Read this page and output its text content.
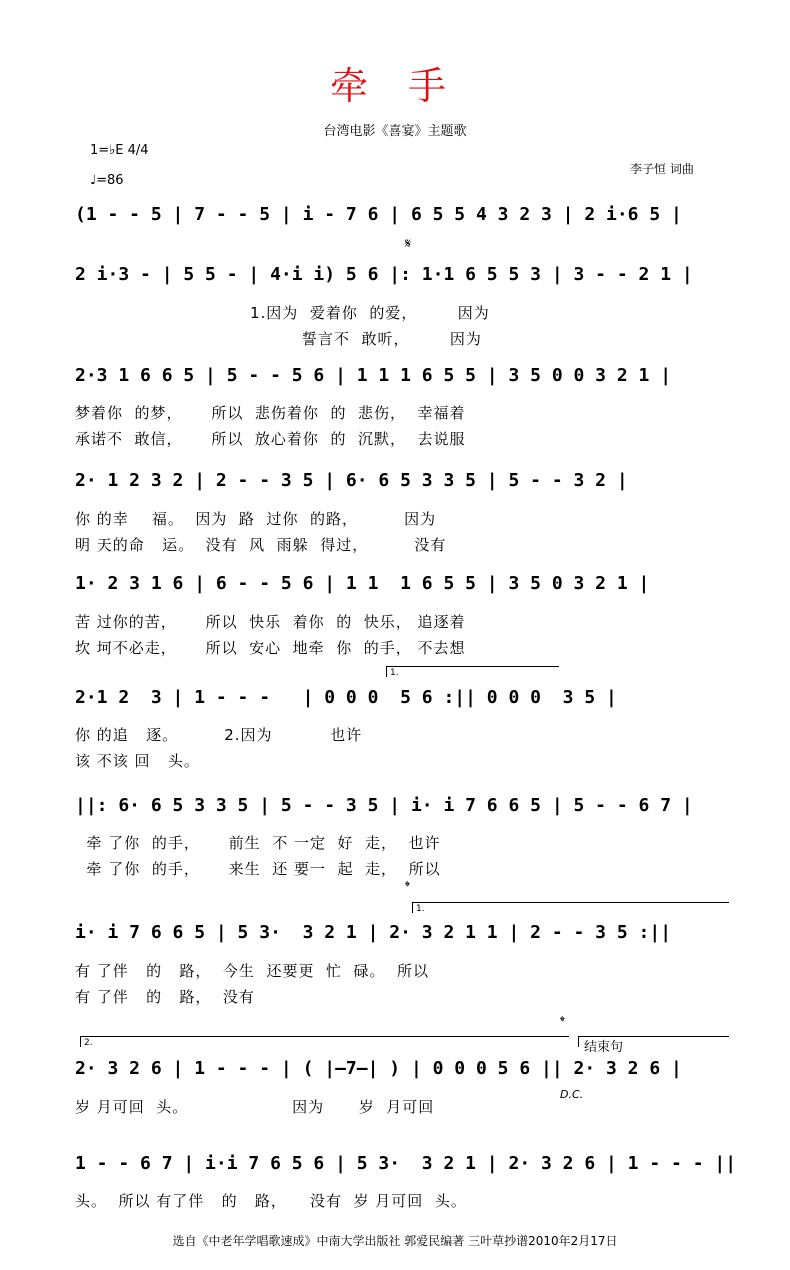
牵 手
台湾电影《喜宴》主题歌
1=♭E 4/4
♩=86
李子恒 词曲
(1 - - 5 | 7 - - 5 | i - 7 6 | 6 5 5 4 3 2 3 | 2 i·6 5 |
𝄋
2 i·3 - | 5 5 - | 4·i i) 5 6 |: 1·1 6 5 5 3 | 3 - - 2 1 |
1.因为  爱着你  的爱，       因为
誓言不  敢听，       因为
2·3 1 6 6 5 | 5 - - 5 6 | 1 1 1 6 5 5 | 3 5 0 0 3 2 1 |
梦着你  的梦，     所以  悲伤着你  的  悲伤，  幸福着
承诺不  敢信，     所以  放心着你  的  沉默，  去说服
2· 1 2 3 2 | 2 - - 3 5 | 6· 6 5 3 3 5 | 5 - - 3 2 |
你 的幸    福。  因为  路  过你  的路，        因为
明 天的命   运。  没有  风  雨躲  得过，        没有
1· 2 3 1 6 | 6 - - 5 6 | 1 1  1 6 5 5 | 3 5 0 3 2 1 |
苦 过你的苦，     所以  快乐  着你  的  快乐， 追逐着
坎 坷不必走，     所以  安心  地牵  你  的手， 不去想
1.
2·1 2  3 | 1 - - -   | 0 0 0  5 6 :|| 0 0 0  3 5 |
你 的追   逐。        2.因为          也许
该 不该 回   头。
||: 6· 6 5 3 3 5 | 5 - - 3 5 | i· i 7 6 6 5 | 5 - - 6 7 |
牵 了你  的手，     前生  不 一定  好  走，  也许
牵 了你  的手，     来生  还 要一  起  走，  所以
𝄌
1.
i· i 7 6 6 5 | 5 3·  3 2 1 | 2· 3 2 1 1 | 2 - - 3 5 :||
有 了伴   的   路，  今生  还要更  忙  碌。  所以
有 了伴   的   路，  没有
2.
𝄌
结束句
2· 3 2 6 | 1 - - - | ( |—7—| ) | 0 0 0 5 6 || 2· 3 2 6 |
D.C.
岁 月可回  头。                  因为      岁  月可回
1 - - 6 7 | i·i 7 6 5 6 | 5 3·  3 2 1 | 2· 3 2 6 | 1 - - - ||
头。  所以 有了伴   的   路，    没有  岁 月可回  头。
选自《中老年学唱歌速成》中南大学出版社 郭爱民编著 三叶草抄谱2010年2月17日
